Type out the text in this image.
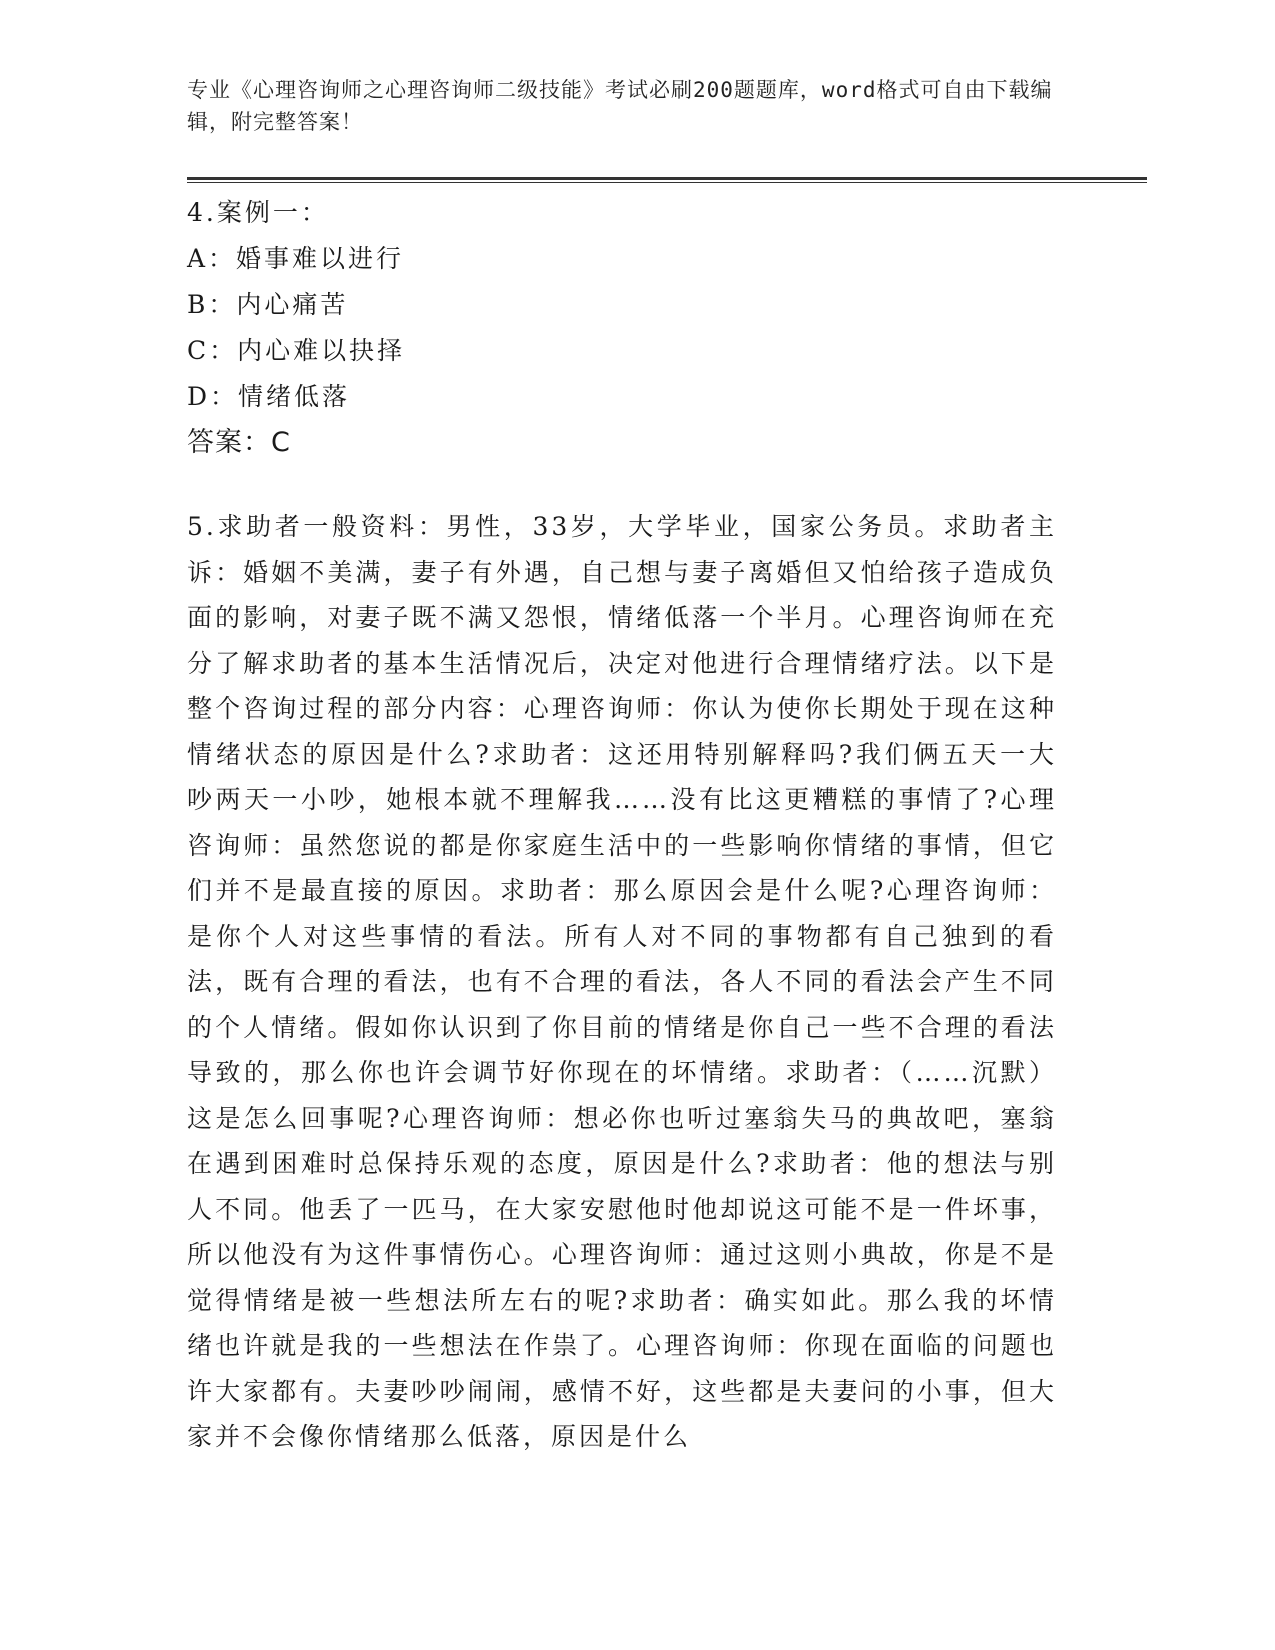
专业《心理咨询师之心理咨询师二级技能》考试必刷200题题库，word格式可自由下载编辑，附完整答案！
4.案例一：
A：婚事难以进行
B：内心痛苦
C：内心难以抉择
D：情绪低落
答案：C
5.求助者一般资料：男性，33岁，大学毕业，国家公务员。求助者主诉：婚姻不美满，妻子有外遇，自己想与妻子离婚但又怕给孩子造成负面的影响，对妻子既不满又怨恨，情绪低落一个半月。心理咨询师在充分了解求助者的基本生活情况后，决定对他进行合理情绪疗法。以下是整个咨询过程的部分内容：心理咨询师：你认为使你长期处于现在这种情绪状态的原因是什么?求助者：这还用特别解释吗?我们俩五天一大吵两天一小吵，她根本就不理解我……没有比这更糟糕的事情了?心理咨询师：虽然您说的都是你家庭生活中的一些影响你情绪的事情，但它们并不是最直接的原因。求助者：那么原因会是什么呢?心理咨询师：是你个人对这些事情的看法。所有人对不同的事物都有自己独到的看法，既有合理的看法，也有不合理的看法，各人不同的看法会产生不同的个人情绪。假如你认识到了你目前的情绪是你自己一些不合理的看法导致的，那么你也许会调节好你现在的坏情绪。求助者：（……沉默）这是怎么回事呢?心理咨询师：想必你也听过塞翁失马的典故吧，塞翁在遇到困难时总保持乐观的态度，原因是什么?求助者：他的想法与别人不同。他丢了一匹马，在大家安慰他时他却说这可能不是一件坏事，所以他没有为这件事情伤心。心理咨询师：通过这则小典故，你是不是觉得情绪是被一些想法所左右的呢?求助者：确实如此。那么我的坏情绪也许就是我的一些想法在作祟了。心理咨询师：你现在面临的问题也许大家都有。夫妻吵吵闹闹，感情不好，这些都是夫妻问的小事，但大家并不会像你情绪那么低落，原因是什么
